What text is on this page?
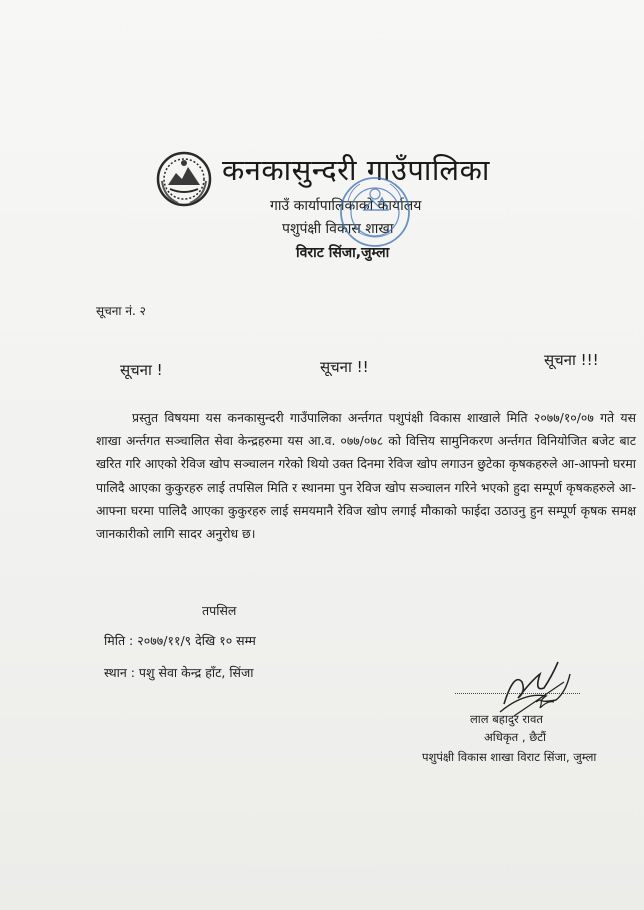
कनकासुन्दरी गाउँपालिका
गाउँ कार्यापालिकाको कार्यालय
पशुपंक्षी विकास शाखा
विराट सिंजा,जुम्ला
सूचना नं. २
सूचना !	सूचना !!	सूचना !!!
प्रस्तुत विषयमा यस कनकासुन्दरी गाउँपालिका अर्न्तगत पशुपंक्षी विकास शाखाले मिति २०७७/१०/०७ गते यस शाखा अर्न्तगत सञ्चालित सेवा केन्द्रहरुमा यस आ.व. ०७७/०७८ को वित्तिय सामुनिकरण अर्न्तगत विनियोजित बजेट बाट खरित गरि आएको रेविज खोप सञ्चालन गरेको थियो उक्त दिनमा रेविज खोप लगाउन छुटेका कृषकहरुले आ-आफ्नो घरमा पालिदै आएका कुकुरहरु लाई तपसिल मिति र स्थानमा पुन रेविज खोप सञ्चालन गरिने भएको हुदा सम्पूर्ण कृषकहरुले आ-आफ्ना घरमा पालिदै आएका कुकुरहरु लाई समयमानै रेविज खोप लगाई मौकाको फाईदा उठाउनु हुन सम्पूर्ण कृषक समक्ष जानकारीको लागि सादर अनुरोध छ।
तपसिल
मिति : २०७७/११/९ देखि १० सम्म
स्थान : पशु सेवा केन्द्र हाँट, सिंजा
लाल बहादुर रावत
अधिकृत , छैटौं
पशुपंक्षी विकास शाखा विराट सिंजा, जुम्ला
